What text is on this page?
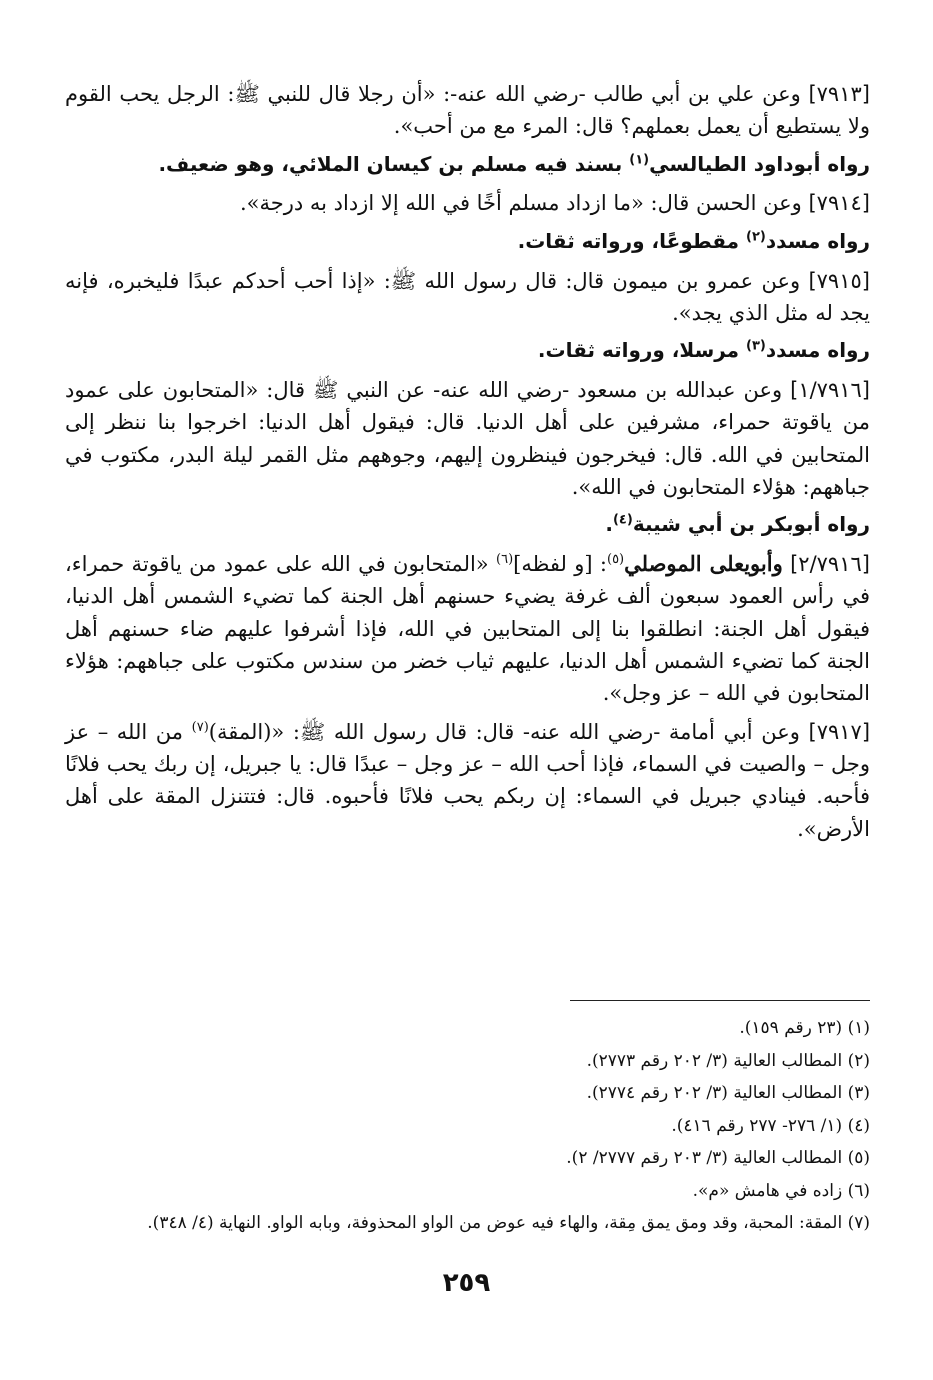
[٧٩١٣] وعن علي بن أبي طالب -رضي الله عنه-: «أن رجلا قال للنبي ﷺ: الرجل يحب القوم ولا يستطيع أن يعمل بعملهم؟ قال: المرء مع من أحب».

رواه أبوداود الطيالسي$^{(١)}$ بسند فيه مسلم بن كيسان الملائي، وهو ضعيف.

[٧٩١٤] وعن الحسن قال: «ما ازداد مسلم أخًا في الله إلا ازداد به درجة».

رواه مسدد$^{(٢)}$ مقطوعًا، ورواته ثقات.

[٧٩١٥] وعن عمرو بن ميمون قال: قال رسول الله ﷺ: «إذا أحب أحدكم عبدًا فليخبره، فإنه يجد له مثل الذي يجد».

رواه مسدد$^{(٣)}$ مرسلا، ورواته ثقات.

[١/٧٩١٦] وعن عبدالله بن مسعود -رضي الله عنه- عن النبي ﷺ قال: «المتحابون على عمود من ياقوتة حمراء، مشرفين على أهل الدنيا. قال: فيقول أهل الدنيا: اخرجوا بنا ننظر إلى المتحابين في الله. قال: فيخرجون فينظرون إليهم، وجوههم مثل القمر ليلة البدر، مكتوب في جباههم: هؤلاء المتحابون في الله».

رواه أبوبكر بن أبي شيبة$^{(٤)}$.

[٢/٧٩١٦] وأبويعلى الموصلي$^{(٥)}$: [و لفظه]$^{(٦)}$ «المتحابون في الله على عمود من ياقوتة حمراء، في رأس العمود سبعون ألف غرفة يضيء حسنهم أهل الجنة كما تضيء الشمس أهل الدنيا، فيقول أهل الجنة: انطلقوا بنا إلى المتحابين في الله، فإذا أشرفوا عليهم ضاء حسنهم أهل الجنة كما تضيء الشمس أهل الدنيا، عليهم ثياب خضر من سندس مكتوب على جباههم: هؤلاء المتحابون في الله – عز وجل».

[٧٩١٧] وعن أبي أمامة -رضي الله عنه- قال: قال رسول الله ﷺ: «(المقة)$^{(٧)}$ من الله – عز وجل – والصيت في السماء، فإذا أحب الله – عز وجل – عبدًا قال: يا جبريل، إن ربك يحب فلانًا فأحبه. فينادي جبريل في السماء: إن ربكم يحب فلانًا فأحبوه. قال: فتتنزل المقة على أهل الأرض».

(١) (٢٣ رقم ١٥٩).

(٢) المطالب العالية (٣/ ٢٠٢ رقم ٢٧٧٣).

(٣) المطالب العالية (٣/ ٢٠٢ رقم ٢٧٧٤).

(٤) (١/ ٢٧٦- ٢٧٧ رقم ٤١٦).

(٥) المطالب العالية (٣/ ٢٠٣ رقم ٢٧٧٧/ ٢).

(٦) زاده في هامش «م».

(٧) المقة: المحبة، وقد ومق يمق مِقة، والهاء فيه عوض من الواو المحذوفة، وبابه الواو. النهاية (٤/ ٣٤٨).

٢٥٩
